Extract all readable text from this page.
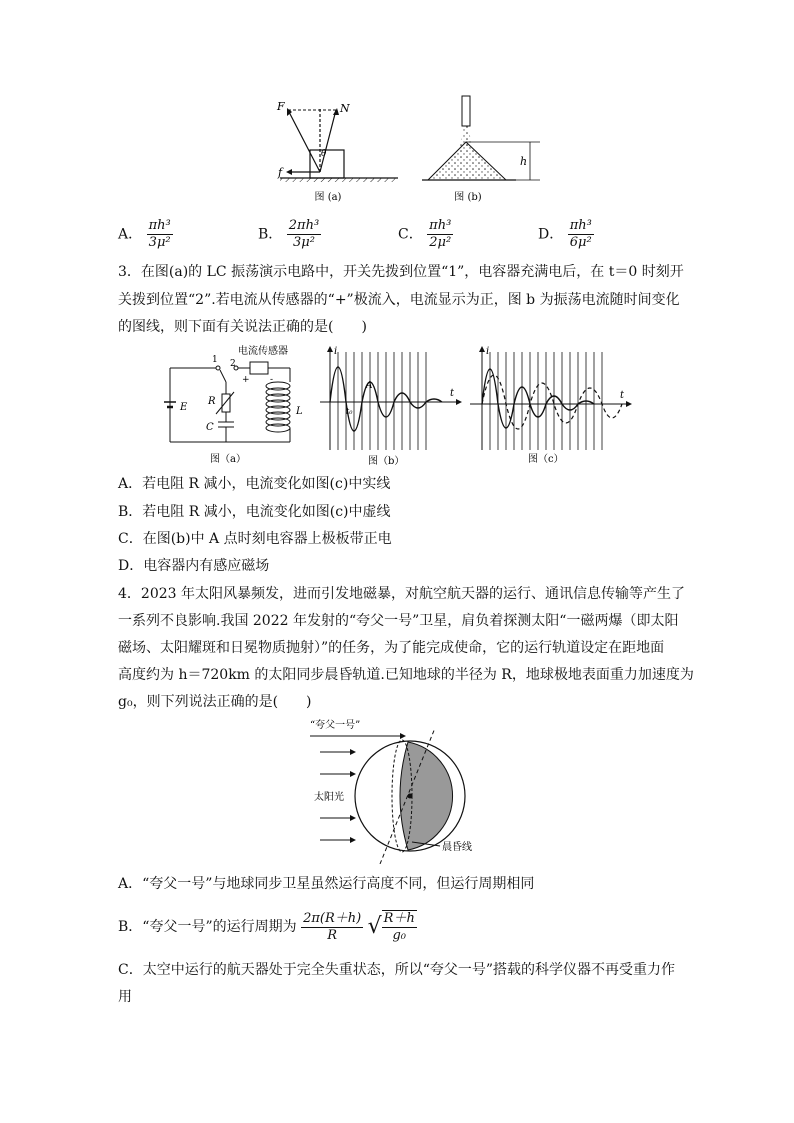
F	N
f
θ
图 (a)
h
图 (b)
A． $\frac{\text{πh³}}{\text{3μ²}}$	B． $\frac{\text{2πh³}}{\text{3μ²}}$	C． $\frac{\text{πh³}}{\text{2μ²}}$	D． $\frac{\text{πh³}}{\text{6μ²}}$
3．在图(a)的 LC 振荡演示电路中，开关先拨到位置“1”，电容器充满电后，在 t＝0 时刻开
关拨到位置“2”.若电流从传感器的“+”极流入，电流显示为正，图 b 为振荡电流随时间变化
的图线，则下面有关说法正确的是(　　)
电流传感器
1 2
+ -
E
R
C
L
图（a）
i
t
A
t₀
图（b）
i
t
图（c）
A．若电阻 R 减小，电流变化如图(c)中实线
B．若电阻 R 减小，电流变化如图(c)中虚线
C．在图(b)中 A 点时刻电容器上极板带正电
D．电容器内有感应磁场
4．2023 年太阳风暴频发，进而引发地磁暴，对航空航天器的运行、通讯信息传输等产生了
一系列不良影响.我国 2022 年发射的“夸父一号”卫星，肩负着探测太阳“一磁两爆（即太阳
磁场、太阳耀斑和日冕物质抛射）”的任务，为了能完成使命，它的运行轨道设定在距地面
高度约为 h＝720km 的太阳同步晨昏轨道.已知地球的半径为 R，地球极地表面重力加速度为
g₀，则下列说法正确的是(　　)
“夸父一号”
太阳光
晨昏线
A．“夸父一号”与地球同步卫星虽然运行高度不同，但运行周期相同
B．“夸父一号”的运行周期为 $\frac{2\pi(R+h)}{R}$ √ $\frac{R+h}{\text{g₀}}$
C．太空中运行的航天器处于完全失重状态，所以“夸父一号”搭载的科学仪器不再受重力作
用
